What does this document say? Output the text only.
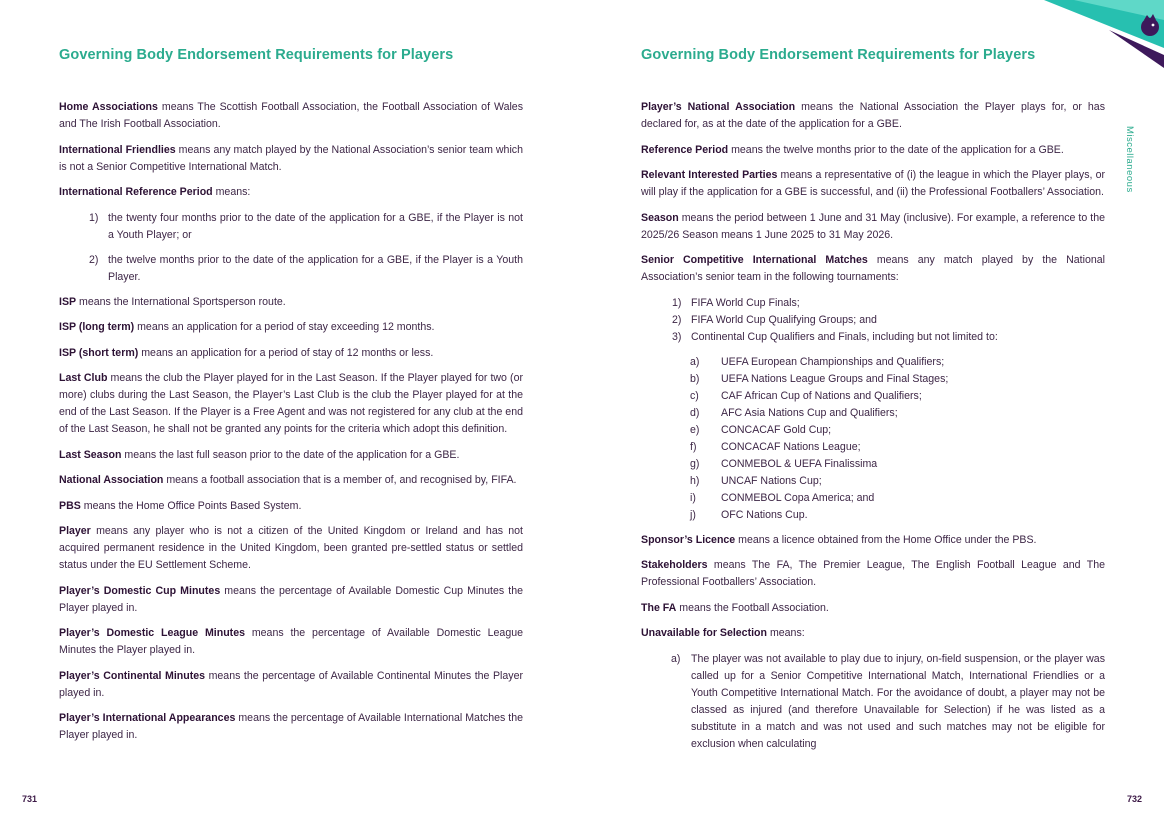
Governing Body Endorsement Requirements for Players

Home Associations means The Scottish Football Association, the Football Association of Wales and The Irish Football Association.

International Friendlies means any match played by the National Association’s senior team which is not a Senior Competitive International Match.

International Reference Period means:

1) the twenty four months prior to the date of the application for a GBE, if the Player is not a Youth Player; or
2) the twelve months prior to the date of the application for a GBE, if the Player is a Youth Player.

ISP means the International Sportsperson route.

ISP (long term) means an application for a period of stay exceeding 12 months.

ISP (short term) means an application for a period of stay of 12 months or less.

Last Club means the club the Player played for in the Last Season. If the Player played for two (or more) clubs during the Last Season, the Player’s Last Club is the club the Player played for at the end of the Last Season. If the Player is a Free Agent and was not registered for any club at the end of the Last Season, he shall not be granted any points for the criteria which adopt this definition.

Last Season means the last full season prior to the date of the application for a GBE.

National Association means a football association that is a member of, and recognised by, FIFA.

PBS means the Home Office Points Based System.

Player means any player who is not a citizen of the United Kingdom or Ireland and has not acquired permanent residence in the United Kingdom, been granted pre-settled status or settled status under the EU Settlement Scheme.

Player’s Domestic Cup Minutes means the percentage of Available Domestic Cup Minutes the Player played in.

Player’s Domestic League Minutes means the percentage of Available Domestic League Minutes the Player played in.

Player’s Continental Minutes means the percentage of Available Continental Minutes the Player played in.

Player’s International Appearances means the percentage of Available International Matches the Player played in.

731
Governing Body Endorsement Requirements for Players
Miscellaneous

Player’s National Association means the National Association the Player plays for, or has declared for, as at the date of the application for a GBE.

Reference Period means the twelve months prior to the date of the application for a GBE.

Relevant Interested Parties means a representative of (i) the league in which the Player plays, or will play if the application for a GBE is successful, and (ii) the Professional Footballers’ Association.

Season means the period between 1 June and 31 May (inclusive). For example, a reference to the 2025/26 Season means 1 June 2025 to 31 May 2026.

Senior Competitive International Matches means any match played by the National Association’s senior team in the following tournaments:

1) FIFA World Cup Finals;
2) FIFA World Cup Qualifying Groups; and
3) Continental Cup Qualifiers and Finals, including but not limited to:
a)	UEFA European Championships and Qualifiers;
b)	UEFA Nations League Groups and Final Stages;
c)	CAF African Cup of Nations and Qualifiers;
d)	AFC Asia Nations Cup and Qualifiers;
e)	CONCACAF Gold Cup;
f)	CONCACAF Nations League;
g)	CONMEBOL & UEFA Finalissima
h)	UNCAF Nations Cup;
i)	CONMEBOL Copa America; and
j)	OFC Nations Cup.

Sponsor’s Licence means a licence obtained from the Home Office under the PBS.

Stakeholders means The FA, The Premier League, The English Football League and The Professional Footballers’ Association.

The FA means the Football Association.

Unavailable for Selection means:

a) The player was not available to play due to injury, on-field suspension, or the player was called up for a Senior Competitive International Match, International Friendlies or a Youth Competitive International Match. For the avoidance of doubt, a player may not be classed as injured (and therefore Unavailable for Selection) if he was listed as a substitute in a match and was not used and such matches may not be eligible for exclusion when calculating
732
